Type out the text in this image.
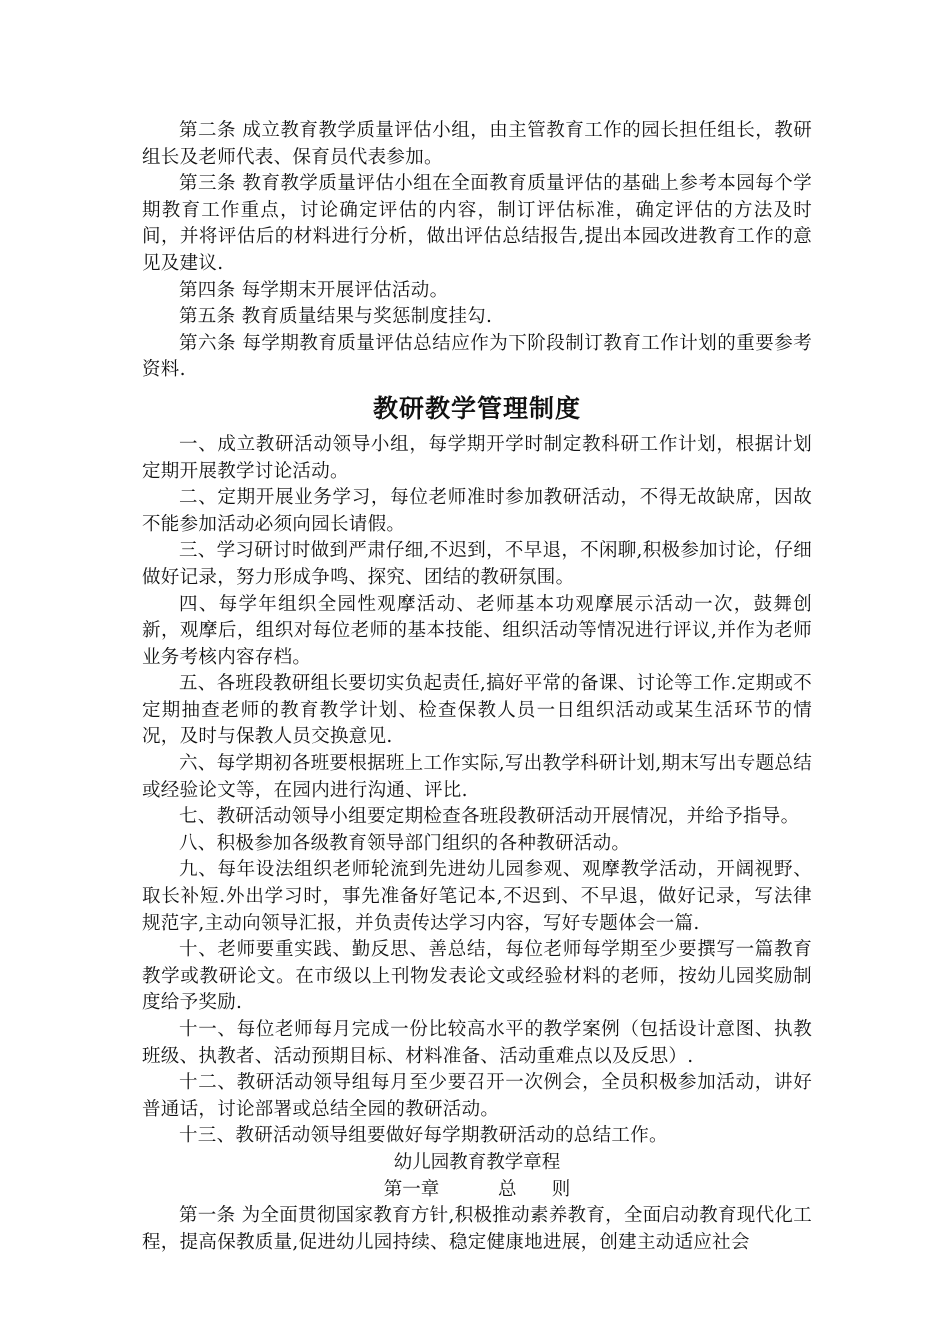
第二条 成立教育教学质量评估小组，由主管教育工作的园长担任组长，教研组长及老师代表、保育员代表参加。

第三条 教育教学质量评估小组在全面教育质量评估的基础上参考本园每个学期教育工作重点，讨论确定评估的内容，制订评估标准，确定评估的方法及时间，并将评估后的材料进行分析，做出评估总结报告,提出本园改进教育工作的意见及建议.

第四条 每学期末开展评估活动。

第五条 教育质量结果与奖惩制度挂勾.

第六条 每学期教育质量评估总结应作为下阶段制订教育工作计划的重要参考资料.

教研教学管理制度

一、成立教研活动领导小组，每学期开学时制定教科研工作计划，根据计划定期开展教学讨论活动。

二、定期开展业务学习，每位老师准时参加教研活动，不得无故缺席，因故不能参加活动必须向园长请假。

三、学习研讨时做到严肃仔细,不迟到，不早退，不闲聊,积极参加讨论，仔细做好记录，努力形成争鸣、探究、团结的教研氛围。

四、每学年组织全园性观摩活动、老师基本功观摩展示活动一次，鼓舞创新，观摩后，组织对每位老师的基本技能、组织活动等情况进行评议,并作为老师业务考核内容存档。

五、各班段教研组长要切实负起责任,搞好平常的备课、讨论等工作.定期或不定期抽查老师的教育教学计划、检查保教人员一日组织活动或某生活环节的情况，及时与保教人员交换意见.

六、每学期初各班要根据班上工作实际,写出教学科研计划,期末写出专题总结或经验论文等，在园内进行沟通、评比.

七、教研活动领导小组要定期检查各班段教研活动开展情况，并给予指导。

八、积极参加各级教育领导部门组织的各种教研活动。

九、每年设法组织老师轮流到先进幼儿园参观、观摩教学活动，开阔视野、取长补短.外出学习时，事先准备好笔记本,不迟到、不早退，做好记录，写法律规范字,主动向领导汇报，并负责传达学习内容，写好专题体会一篇.

十、老师要重实践、勤反思、善总结，每位老师每学期至少要撰写一篇教育教学或教研论文。在市级以上刊物发表论文或经验材料的老师，按幼儿园奖励制度给予奖励.

十一、每位老师每月完成一份比较高水平的教学案例（包括设计意图、执教班级、执教者、活动预期目标、材料准备、活动重难点以及反思）.

十二、教研活动领导组每月至少要召开一次例会，全员积极参加活动，讲好普通话，讨论部署或总结全园的教研活动。

十三、教研活动领导组要做好每学期教研活动的总结工作。

幼儿园教育教学章程

第一章          总      则

第一条 为全面贯彻国家教育方针,积极推动素养教育，全面启动教育现代化工程，提高保教质量,促进幼儿园持续、稳定健康地进展，创建主动适应社会
